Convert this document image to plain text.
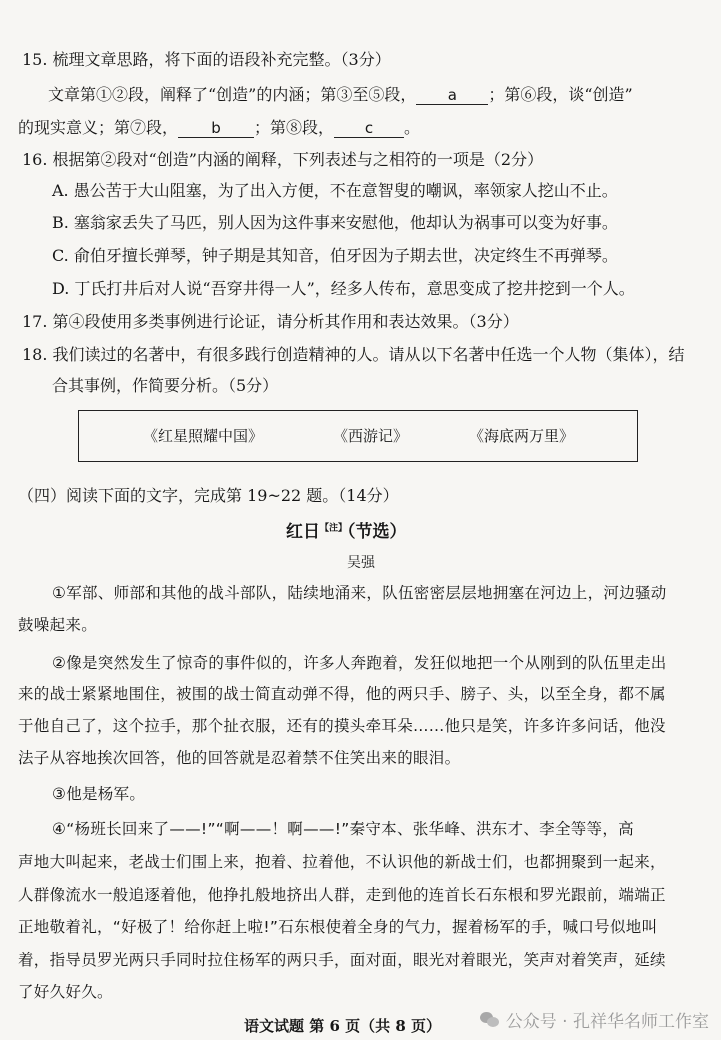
15. 梳理文章思路，将下面的语段补充完整。（3分）
文章第①②段，阐释了“创造”的内涵；第③至⑤段， a ；第⑥段，谈“创造”
的现实意义；第⑦段， b ；第⑧段， c 。
16. 根据第②段对“创造”内涵的阐释，下列表述与之相符的一项是（2分）
A. 愚公苦于大山阻塞，为了出入方便，不在意智叟的嘲讽，率领家人挖山不止。
B. 塞翁家丢失了马匹，别人因为这件事来安慰他，他却认为祸事可以变为好事。
C. 俞伯牙擅长弹琴，钟子期是其知音，伯牙因为子期去世，决定终生不再弹琴。
D. 丁氏打井后对人说“吾穿井得一人”，经多人传布，意思变成了挖井挖到一个人。
17. 第④段使用多类事例进行论证，请分析其作用和表达效果。（3分）
18. 我们读过的名著中，有很多践行创造精神的人。请从以下名著中任选一个人物（集体），结
合其事例，作简要分析。（5分）
《红星照耀中国》	《西游记》	《海底两万里》
（四）阅读下面的文字，完成第 19~22 题。（14分）
红日$^{【注】}$（节选）
吴强
①军部、师部和其他的战斗部队，陆续地涌来，队伍密密层层地拥塞在河边上，河边骚动
鼓噪起来。
②像是突然发生了惊奇的事件似的，许多人奔跑着，发狂似地把一个从刚到的队伍里走出
来的战士紧紧地围住，被围的战士简直动弹不得，他的两只手、膀子、头，以至全身，都不属
于他自己了，这个拉手，那个扯衣服，还有的摸头牵耳朵……他只是笑，许多许多问话，他没
法子从容地挨次回答，他的回答就是忍着禁不住笑出来的眼泪。
③他是杨军。
④“杨班长回来了——!”“啊——！啊——!”秦守本、张华峰、洪东才、李全等等，高
声地大叫起来，老战士们围上来，抱着、拉着他，不认识他的新战士们，也都拥聚到一起来，
人群像流水一般追逐着他，他挣扎般地挤出人群，走到他的连首长石东根和罗光跟前，端端正
正地敬着礼，“好极了！给你赶上啦!”石东根使着全身的气力，握着杨军的手，喊口号似地叫
着，指导员罗光两只手同时拉住杨军的两只手，面对面，眼光对着眼光，笑声对着笑声，延续
了好久好久。
语文试题 第 6 页（共 8 页）	公众号 · 孔祥华名师工作室
